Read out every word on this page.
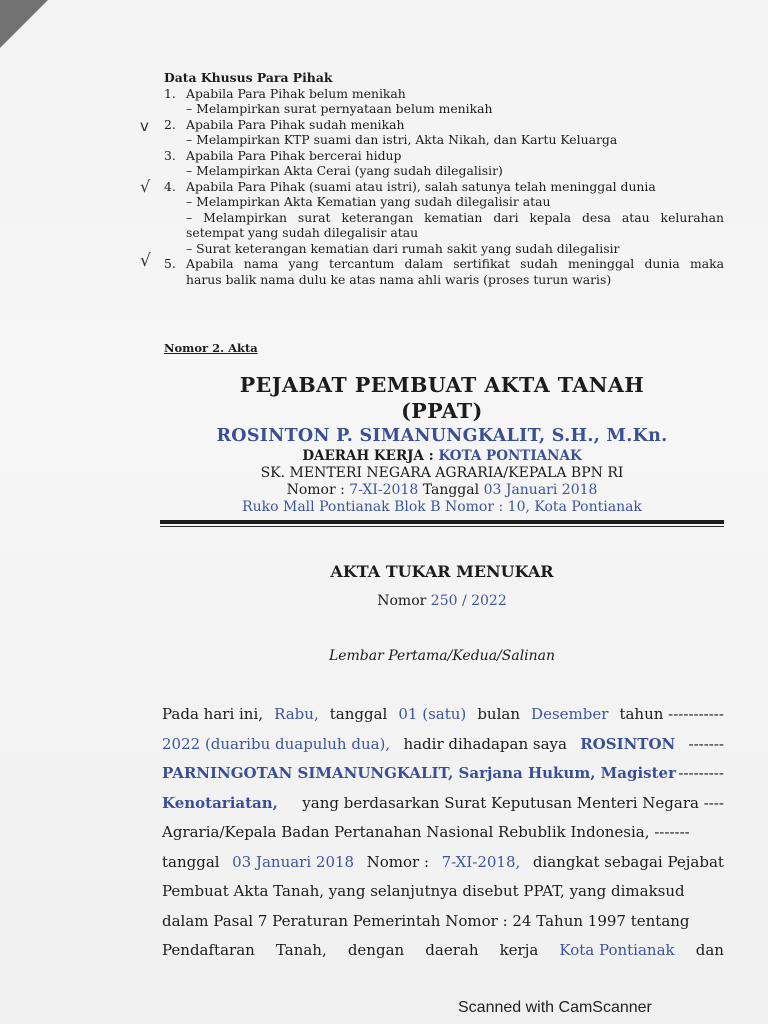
v
√
√
Data Khusus Para Pihak
1. Apabila Para Pihak belum menikah
– Melampirkan surat pernyataan belum menikah
2. Apabila Para Pihak sudah menikah
– Melampirkan KTP suami dan istri, Akta Nikah, dan Kartu Keluarga
3. Apabila Para Pihak bercerai hidup
– Melampirkan Akta Cerai (yang sudah dilegalisir)
4. Apabila Para Pihak (suami atau istri), salah satunya telah meninggal dunia
– Melampirkan Akta Kematian yang sudah dilegalisir atau
– Melampirkan surat keterangan kematian dari kepala desa atau kelurahan
setempat yang sudah dilegalisir atau
– Surat keterangan kematian dari rumah sakit yang sudah dilegalisir
5. Apabila nama yang tercantum dalam sertifikat sudah meninggal dunia maka
harus balik nama dulu ke atas nama ahli waris (proses turun waris)
Nomor 2. Akta
PEJABAT PEMBUAT AKTA TANAH
(PPAT)
ROSINTON P. SIMANUNGKALIT, S.H., M.Kn.
DAERAH KERJA : KOTA PONTIANAK
SK. MENTERI NEGARA AGRARIA/KEPALA BPN RI
Nomor : 7-XI-2018 Tanggal 03 Januari 2018
Ruko Mall Pontianak Blok B Nomor : 10, Kota Pontianak
AKTA TUKAR MENUKAR
Nomor 250 / 2022
Lembar Pertama/Kedua/Salinan
Pada hari ini, Rabu, tanggal 01 (satu) bulan Desember tahun -----------
2022 (duaribu duapuluh dua), hadir dihadapan saya ROSINTON -------
PARNINGOTAN SIMANUNGKALIT, Sarjana Hukum, Magister ---------
Kenotariatan, yang berdasarkan Surat Keputusan Menteri Negara ----
Agraria/Kepala Badan Pertanahan Nasional Rebublik Indonesia, -------
tanggal 03 Januari 2018 Nomor : 7-XI-2018, diangkat sebagai Pejabat
Pembuat Akta Tanah, yang selanjutnya disebut PPAT, yang dimaksud
dalam Pasal 7 Peraturan Pemerintah Nomor : 24 Tahun 1997 tentang
Pendaftaran Tanah, dengan daerah kerja Kota Pontianak dan
Scanned with CamScanner
